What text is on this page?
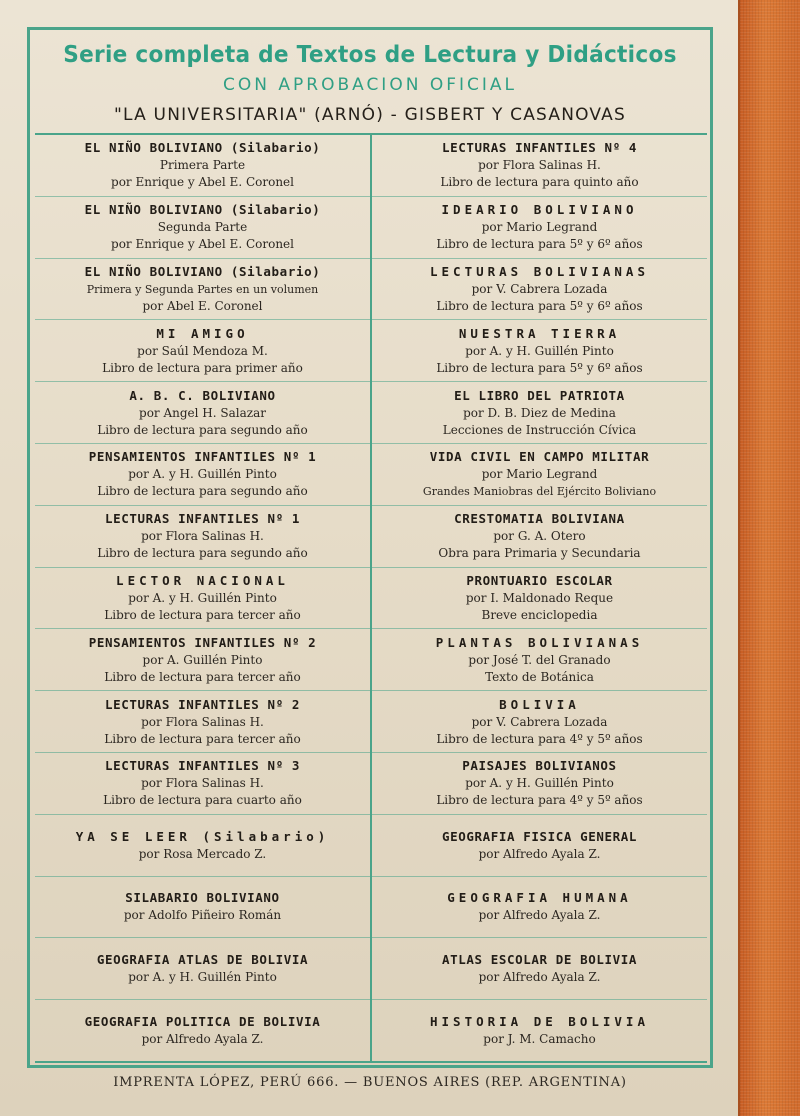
Serie completa de Textos de Lectura y Didácticos
CON APROBACION OFICIAL
"LA UNIVERSITARIA" (ARNÓ) - GISBERT Y CASANOVAS
EL NIÑO BOLIVIANO (Silabario)
Primera Parte
por Enrique y Abel E. Coronel
EL NIÑO BOLIVIANO (Silabario)
Segunda Parte
por Enrique y Abel E. Coronel
EL NIÑO BOLIVIANO (Silabario)
Primera y Segunda Partes en un volumen
por Abel E. Coronel
MI AMIGO
por Saúl Mendoza M.
Libro de lectura para primer año
A. B. C. BOLIVIANO
por Angel H. Salazar
Libro de lectura para segundo año
PENSAMIENTOS INFANTILES Nº 1
por A. y H. Guillén Pinto
Libro de lectura para segundo año
LECTURAS INFANTILES Nº 1
por Flora Salinas H.
Libro de lectura para segundo año
LECTOR NACIONAL
por A. y H. Guillén Pinto
Libro de lectura para tercer año
PENSAMIENTOS INFANTILES Nº 2
por A. Guillén Pinto
Libro de lectura para tercer año
LECTURAS INFANTILES Nº 2
por Flora Salinas H.
Libro de lectura para tercer año
LECTURAS INFANTILES Nº 3
por Flora Salinas H.
Libro de lectura para cuarto año
YA SE LEER (Silabario)
por Rosa Mercado Z.
SILABARIO BOLIVIANO
por Adolfo Piñeiro Román
GEOGRAFIA ATLAS DE BOLIVIA
por A. y H. Guillén Pinto
GEOGRAFIA POLITICA DE BOLIVIA
por Alfredo Ayala Z.
LECTURAS INFANTILES Nº 4
por Flora Salinas H.
Libro de lectura para quinto año
IDEARIO BOLIVIANO
por Mario Legrand
Libro de lectura para 5º y 6º años
LECTURAS BOLIVIANAS
por V. Cabrera Lozada
Libro de lectura para 5º y 6º años
NUESTRA TIERRA
por A. y H. Guillén Pinto
Libro de lectura para 5º y 6º años
EL LIBRO DEL PATRIOTA
por D. B. Diez de Medina
Lecciones de Instrucción Cívica
VIDA CIVIL EN CAMPO MILITAR
por Mario Legrand
Grandes Maniobras del Ejército Boliviano
CRESTOMATIA BOLIVIANA
por G. A. Otero
Obra para Primaria y Secundaria
PRONTUARIO ESCOLAR
por I. Maldonado Reque
Breve enciclopedia
PLANTAS BOLIVIANAS
por José T. del Granado
Texto de Botánica
BOLIVIA
por V. Cabrera Lozada
Libro de lectura para 4º y 5º años
PAISAJES BOLIVIANOS
por A. y H. Guillén Pinto
Libro de lectura para 4º y 5º años
GEOGRAFIA FISICA GENERAL
por Alfredo Ayala Z.
GEOGRAFIA HUMANA
por Alfredo Ayala Z.
ATLAS ESCOLAR DE BOLIVIA
por Alfredo Ayala Z.
HISTORIA DE BOLIVIA
por J. M. Camacho
IMPRENTA LÓPEZ, PERÚ 666. — BUENOS AIRES (REP. ARGENTINA)
